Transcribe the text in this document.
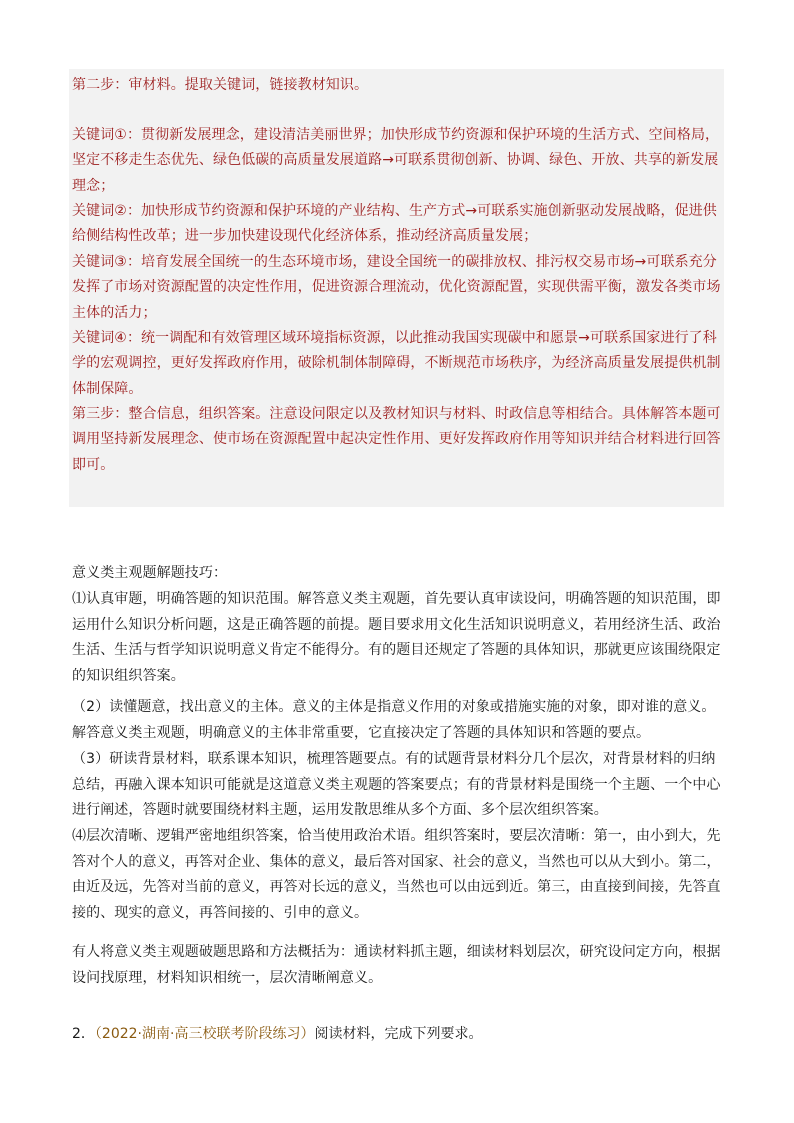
第二步：审材料。提取关键词，链接教材知识。

关键词①：贯彻新发展理念，建设清洁美丽世界；加快形成节约资源和保护环境的生活方式、空间格局，坚定不移走生态优先、绿色低碳的高质量发展道路→可联系贯彻创新、协调、绿色、开放、共享的新发展理念；

关键词②：加快形成节约资源和保护环境的产业结构、生产方式→可联系实施创新驱动发展战略，促进供给侧结构性改革；进一步加快建设现代化经济体系，推动经济高质量发展；

关键词③：培育发展全国统一的生态环境市场，建设全国统一的碳排放权、排污权交易市场→可联系充分发挥了市场对资源配置的决定性作用，促进资源合理流动，优化资源配置，实现供需平衡，激发各类市场主体的活力；

关键词④：统一调配和有效管理区域环境指标资源，以此推动我国实现碳中和愿景→可联系国家进行了科学的宏观调控，更好发挥政府作用，破除机制体制障碍，不断规范市场秩序，为经济高质量发展提供机制体制保障。

第三步：整合信息，组织答案。注意设问限定以及教材知识与材料、时政信息等相结合。具体解答本题可调用坚持新发展理念、使市场在资源配置中起决定性作用、更好发挥政府作用等知识并结合材料进行回答即可。

意义类主观题解题技巧：

⑴认真审题，明确答题的知识范围。解答意义类主观题，首先要认真审读设问，明确答题的知识范围，即运用什么知识分析问题，这是正确答题的前提。题目要求用文化生活知识说明意义，若用经济生活、政治生活、生活与哲学知识说明意义肯定不能得分。有的题目还规定了答题的具体知识，那就更应该围绕限定的知识组织答案。

（2）读懂题意，找出意义的主体。意义的主体是指意义作用的对象或措施实施的对象，即对谁的意义。解答意义类主观题，明确意义的主体非常重要，它直接决定了答题的具体知识和答题的要点。

（3）研读背景材料，联系课本知识，梳理答题要点。有的试题背景材料分几个层次，对背景材料的归纳总结，再融入课本知识可能就是这道意义类主观题的答案要点；有的背景材料是围绕一个主题、一个中心进行阐述，答题时就要围绕材料主题，运用发散思维从多个方面、多个层次组织答案。

⑷层次清晰、逻辑严密地组织答案，恰当使用政治术语。组织答案时，要层次清晰：第一，由小到大，先答对个人的意义，再答对企业、集体的意义，最后答对国家、社会的意义，当然也可以从大到小。第二，由近及远，先答对当前的意义，再答对长远的意义，当然也可以由远到近。第三，由直接到间接，先答直接的、现实的意义，再答间接的、引申的意义。

有人将意义类主观题破题思路和方法概括为：通读材料抓主题，细读材料划层次，研究设问定方向，根据设问找原理，材料知识相统一，层次清晰阐意义。

2．（2022·湖南·高三校联考阶段练习）阅读材料，完成下列要求。
